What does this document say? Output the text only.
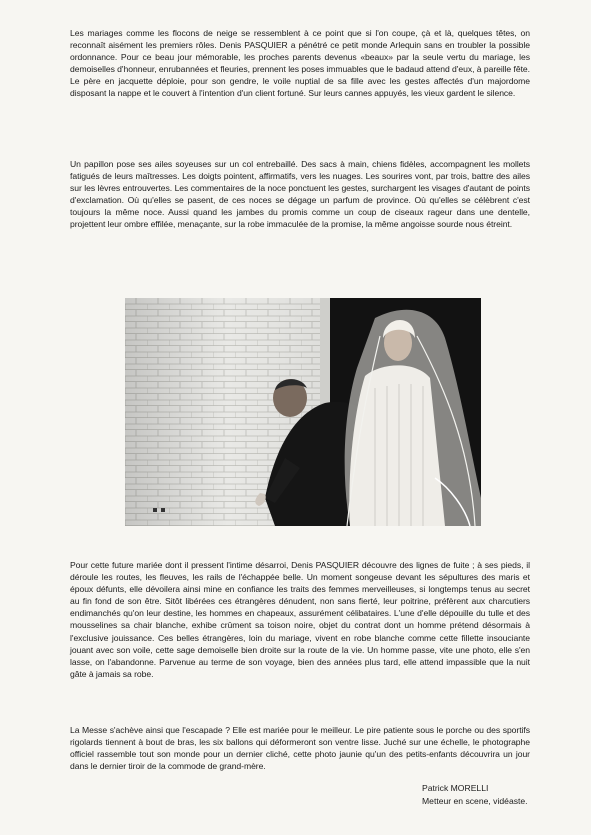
Les mariages comme les flocons de neige se ressemblent à ce point que si l'on coupe, çà et là, quelques têtes, on reconnaît aisément les premiers rôles. Denis PASQUIER a pénétré ce petit monde Arlequin sans en troubler la possible ordonnance. Pour ce beau jour mémorable, les proches parents devenus «beaux» par la seule vertu du mariage, les demoiselles d'honneur, enrubannées et fleuries, prennent les poses immuables que le badaud attend d'eux, à pareille fête. Le père en jacquette déploie, pour son gendre, le voile nuptial de sa fille avec les gestes affectés d'un majordome disposant la nappe et le couvert à l'intention d'un client fortuné. Sur leurs cannes appuyés, les vieux gardent le silence.

Un papillon pose ses ailes soyeuses sur un col entrebaillé. Des sacs à main, chiens fidèles, accompagnent les mollets fatigués de leurs maîtresses. Les doigts pointent, affirmatifs, vers les nuages. Les sourires vont, par trois, battre des ailes sur les lèvres entrouvertes. Les commentaires de la noce ponctuent les gestes, surchargent les visages d'autant de points d'exclamation. Où qu'elles se pasent, de ces noces se dégage un parfum de province. Où qu'elles se célèbrent c'est toujours la même noce. Aussi quand les jambes du promis comme un coup de ciseaux rageur dans une dentelle, projettent leur ombre effilée, menaçante, sur la robe immaculée de la promise, la même angoisse sourde nous étreint.

Pour cette future mariée dont il pressent l'intime désarroi, Denis PASQUIER découvre des lignes de fuite ; à ses pieds, il déroule les routes, les fleuves, les rails de l'échappée belle. Un moment songeuse devant les sépultures des maris et époux défunts, elle dévoilera ainsi mine en confiance les traits des femmes merveilleuses, si longtemps tenus au secret au fin fond de son être. Sitôt libérées ces étrangères dénudent, non sans fierté, leur poitrine, préfèrent aux charcutiers endimanchés qu'on leur destine, les hommes en chapeaux, assurément célibataires. L'une d'elle dépouille du tulle et des mousselines sa chair blanche, exhibe crûment sa toison noire, objet du contrat dont un homme prétend désormais à l'exclusive jouissance. Ces belles étrangères, loin du mariage, vivent en robe blanche comme cette fillette insouciante jouant avec son voile, cette sage demoiselle bien droite sur la route de la vie. Un homme passe, vite une photo, elle s'en lasse, on l'abandonne. Parvenue au terme de son voyage, bien des années plus tard, elle attend impassible que la nuit gâte à jamais sa robe.

La Messe s'achève ainsi que l'escapade ? Elle est mariée pour le meilleur. Le pire patiente sous le porche ou des sportifs rigolards tiennent à bout de bras, les six ballons qui déformeront son ventre lisse. Juché sur une échelle, le photographe officiel rassemble tout son monde pour un dernier cliché, cette photo jaunie qu'un des petits-enfants découvrira un jour dans le dernier tiroir de la commode de grand-mère.

Patrick MORELLI
Metteur en scene, vidéaste.
